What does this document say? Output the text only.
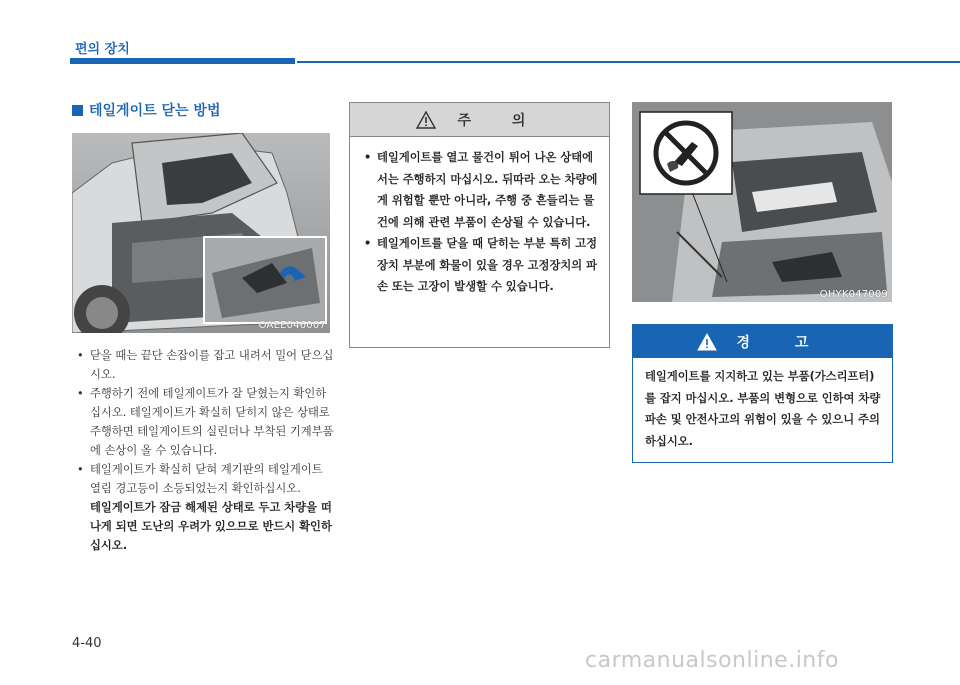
편의 장치
테일게이트 닫는 방법
OAEE046007
• 닫을 때는 끝단 손잡이를 잡고 내려서 밀어 닫으십시오.
• 주행하기 전에 테일게이트가 잘 닫혔는지 확인하십시오. 테일게이트가 확실히 닫히지 않은 상태로 주행하면 테일게이트의 실린더나 부착된 기계부품에 손상이 올 수 있습니다.
• 테일게이트가 확실히 닫혀 계기판의 테일게이트 열림 경고등이 소등되었는지 확인하십시오.
테일게이트가 잠금 해제된 상태로 두고 차량을 떠나게 되면 도난의 우려가 있으므로 반드시 확인하십시오.
주 의
• 테일게이트를 열고 물건이 튀어 나온 상태에서는 주행하지 마십시오. 뒤따라 오는 차량에게 위험할 뿐만 아니라, 주행 중 흔들리는 물건에 의해 관련 부품이 손상될 수 있습니다.
• 테일게이트를 닫을 때 닫히는 부분 특히 고정장치 부분에 화물이 있을 경우 고정장치의 파손 또는 고장이 발생할 수 있습니다.
OHYK047009
경 고
테일게이트를 지지하고 있는 부품(가스리프터)를 잡지 마십시오. 부품의 변형으로 인하여 차량 파손 및 안전사고의 위험이 있을 수 있으니 주의하십시오.
4-40
carmanualsonline.info
